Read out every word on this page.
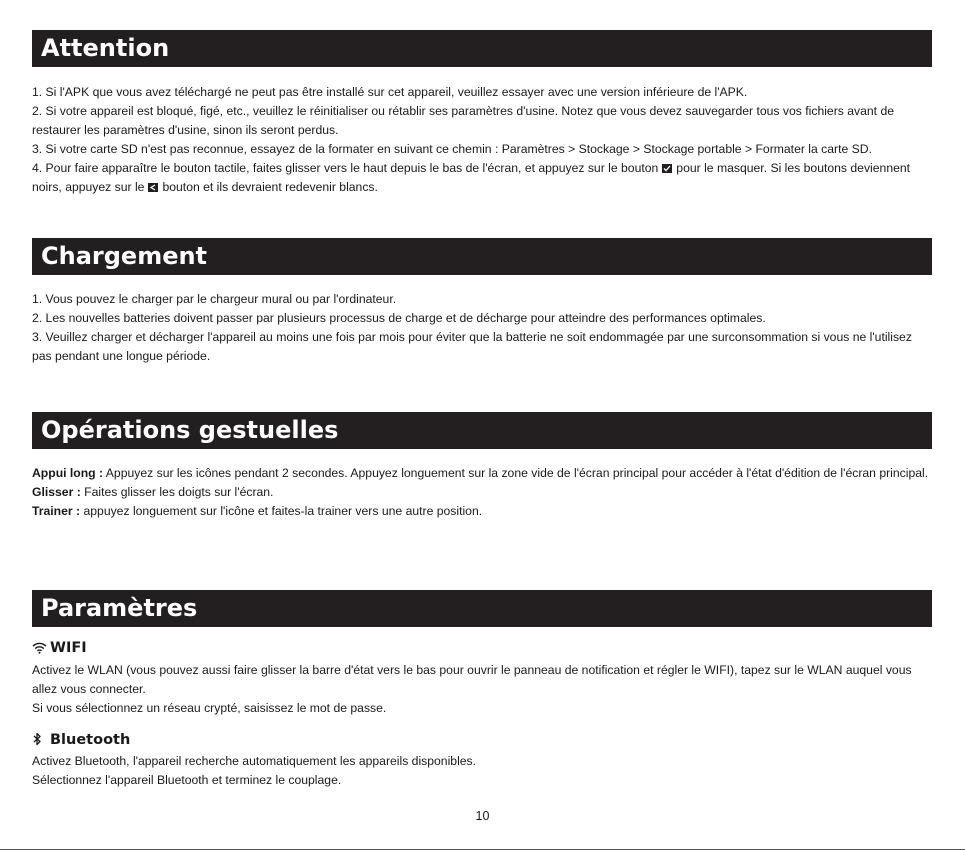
Attention

1. Si l'APK que vous avez téléchargé ne peut pas être installé sur cet appareil, veuillez essayer avec une version inférieure de l'APK.

2. Si votre appareil est bloqué, figé, etc., veuillez le réinitialiser ou rétablir ses paramètres d'usine. Notez que vous devez sauvegarder tous vos fichiers avant de restaurer les paramètres d'usine, sinon ils seront perdus.

3. Si votre carte SD n'est pas reconnue, essayez de la formater en suivant ce chemin : Paramètres > Stockage > Stockage portable > Formater la carte SD.

4. Pour faire apparaître le bouton tactile, faites glisser vers le haut depuis le bas de l'écran, et appuyez sur le bouton pour le masquer. Si les boutons deviennent noirs, appuyez sur le bouton et ils devraient redevenir blancs.

Chargement

1. Vous pouvez le charger par le chargeur mural ou par l'ordinateur.

2. Les nouvelles batteries doivent passer par plusieurs processus de charge et de décharge pour atteindre des performances optimales.

3. Veuillez charger et décharger l'appareil au moins une fois par mois pour éviter que la batterie ne soit endommagée par une surconsommation si vous ne l'utilisez pas pendant une longue période.

Opérations gestuelles

Appui long : Appuyez sur les icônes pendant 2 secondes. Appuyez longuement sur la zone vide de l'écran principal pour accéder à l'état d'édition de l'écran principal.

Glisser : Faites glisser les doigts sur l'écran.

Trainer : appuyez longuement sur l'icône et faites-la trainer vers une autre position.

Paramètres
WIFI

Activez le WLAN (vous pouvez aussi faire glisser la barre d'état vers le bas pour ouvrir le panneau de notification et régler le WIFI), tapez sur le WLAN auquel vous allez vous connecter.

Si vous sélectionnez un réseau crypté, saisissez le mot de passe.

Bluetooth

Activez Bluetooth, l'appareil recherche automatiquement les appareils disponibles.

Sélectionnez l'appareil Bluetooth et terminez le couplage.

10
